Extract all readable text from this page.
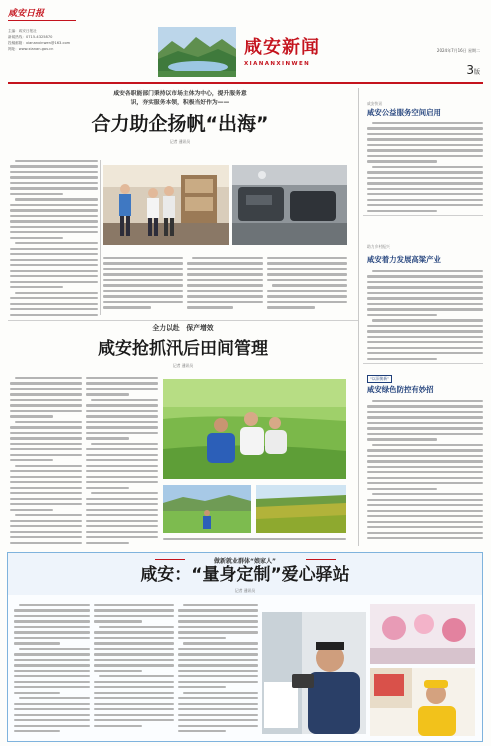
咸安日报
主编：咸安日报社
新闻热线：0715-4325870
投稿邮箱：xiananxinwen@163.com
网址：www.xianan.gov.cn	咸安新闻
XIANANXINWEN
2024年7月16日 星期二
3版
咸安各职能部门秉持以市场主体为中心，提升服务意
识，夯实服务本领，积极当好作为——
合力助企扬帆“出海”
记者 通讯员
咸安快讯
咸安公益服务空间启用
助力乡村振兴
咸安着力发展高粱产业
“以旧换新”
咸安绿色防控有妙招
全力以赴　保产增效
咸安抢抓汛后田间管理
记者 通讯员
做新就业群体“娘家人”
咸安：“量身定制”爱心驿站
记者 通讯员
